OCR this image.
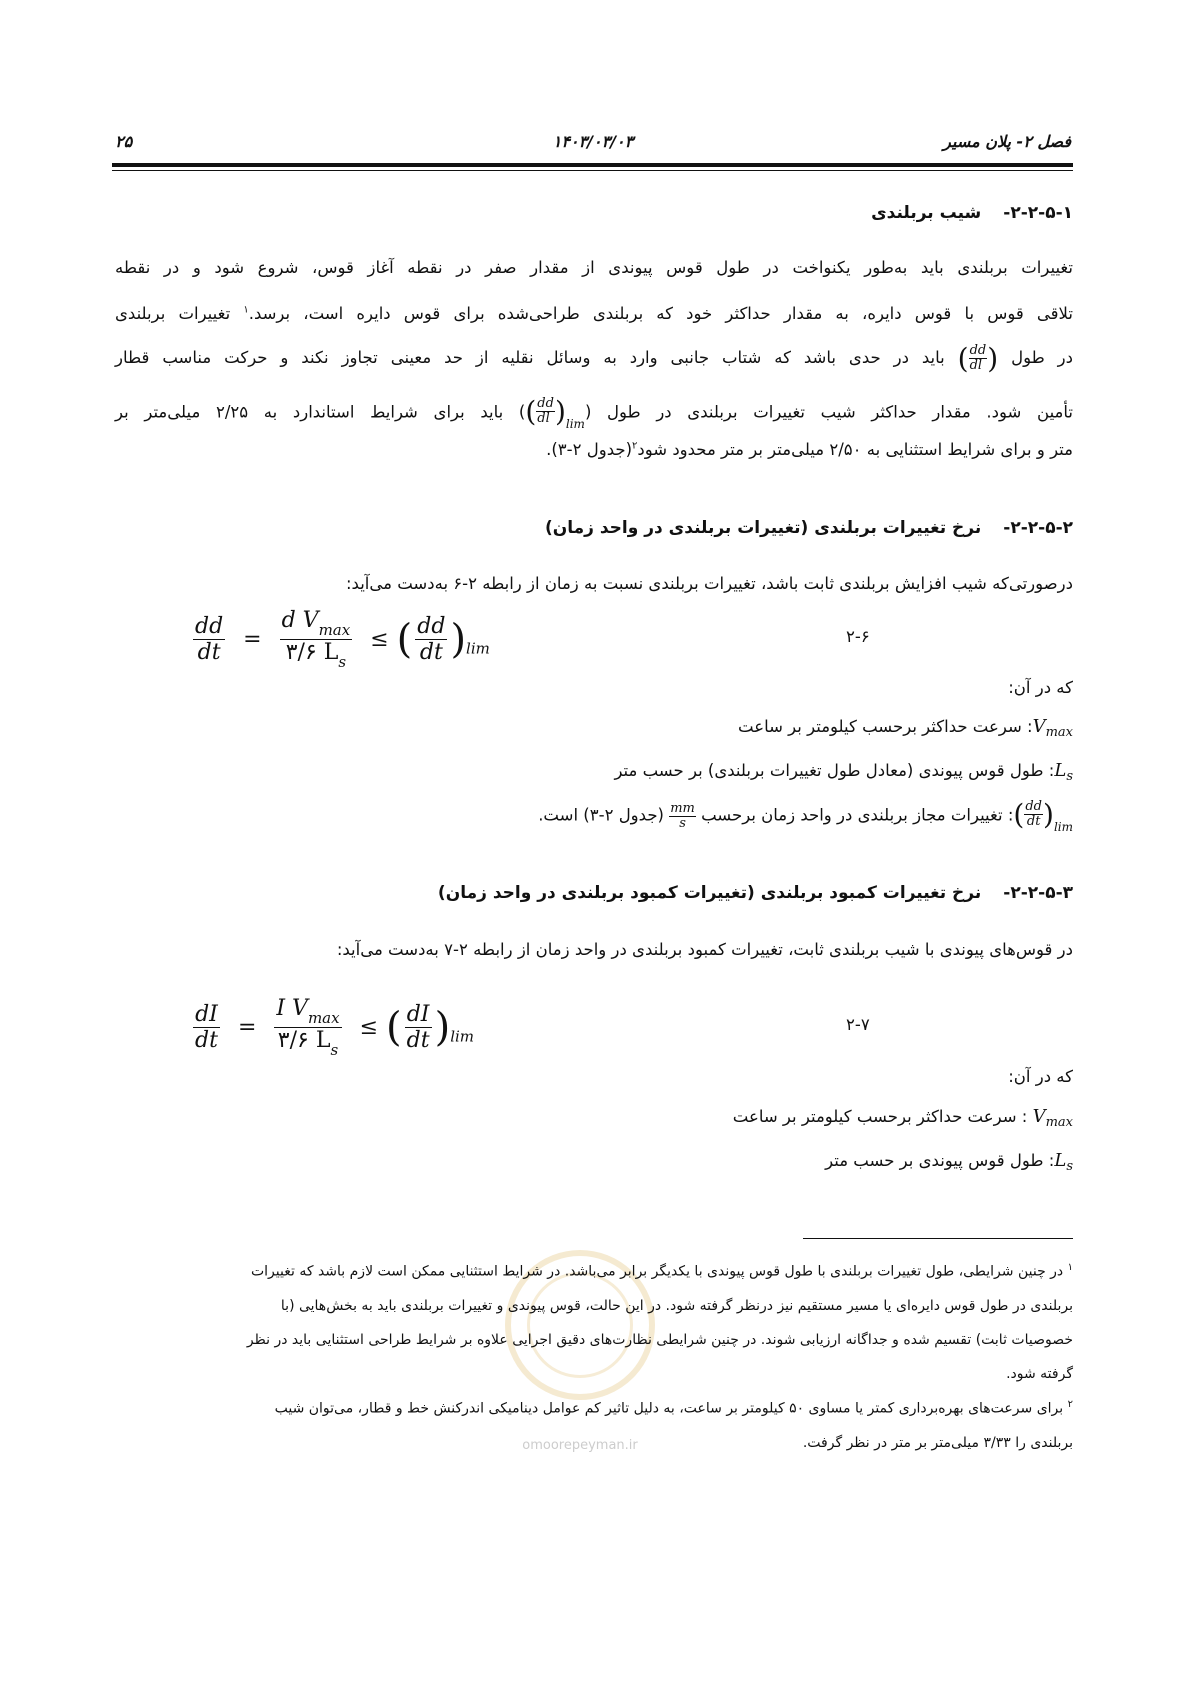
فصل ۲- پلان مسیر
۱۴۰۳/۰۳/۰۳
۲۵
۲-۲-۵-۱-شیب بربلندی
تغییرات بربلندی باید به‌طور یکنواخت در طول قوس پیوندی از مقدار صفر در نقطه آغاز قوس، شروع شود و در نقطه
تلاقی قوس با قوس دایره، به مقدار حداکثر خود که بربلندی طراحی‌شده برای قوس دایره است، برسد.$^۱$ تغییرات بربلندی
در طول ( $\frac{dd}{dl}$ ) باید در حدی باشد که شتاب جانبی وارد به وسائل نقلیه از حد معینی تجاوز نکند و حرکت مناسب قطار
تأمین شود. مقدار حداکثر شیب تغییرات بربلندی در طول (( $\frac{dd}{dl} )_{lim}$) باید برای شرایط استاندارد به ۲/۲۵ میلی‌متر بر
متر و برای شرایط استثنایی به ۲/۵۰ میلی‌متر بر متر محدود شود$^۲$(جدول ۲-۳).
۲-۲-۵-۲-نرخ تغییرات بربلندی (تغییرات بربلندی در واحد زمان)
درصورتی‌که شیب افزایش بربلندی ثابت باشد، تغییرات بربلندی نسبت به زمان از رابطه ۲-۶ به‌دست می‌آید:
$\frac{dd}{dt} = \frac{d V_{max}}{۳/۶ L_s}$ ≤ ( $\frac{dd}{dt} )_{lim}$
۲-۶
که در آن:
$V_{max}$: سرعت حداکثر برحسب کیلومتر بر ساعت
$L_s$: طول قوس پیوندی (معادل طول تغییرات بربلندی) بر حسب متر
( $\frac{dd}{dt} )_{lim}$: تغییرات مجاز بربلندی در واحد زمان برحسب
$\frac{mm}{s}$
(جدول ۲-۳) است.
۲-۲-۵-۳-نرخ تغییرات کمبود بربلندی (تغییرات کمبود بربلندی در واحد زمان)
در قوس‌های پیوندی با شیب بربلندی ثابت، تغییرات کمبود بربلندی در واحد زمان از رابطه ۲-۷ به‌دست می‌آید:
$\frac{dI}{dt} = \frac{I V_{max}}{۳/۶ L_s}$ ≤ ( $\frac{dI}{dt} )_{lim}$
۲-۷
که در آن:
$V_{max}$ : سرعت حداکثر برحسب کیلومتر بر ساعت
$L_s$: طول قوس پیوندی بر حسب متر
omoorepeyman.ir
$^۱$ در چنین شرایطی، طول تغییرات بربلندی با طول قوس پیوندی با یکدیگر برابر می‌باشد. در شرایط استثنایی ممکن است لازم باشد که تغییرات
بربلندی در طول قوس دایره‌ای یا مسیر مستقیم نیز درنظر گرفته شود. در این حالت، قوس پیوندی و تغییرات بربلندی باید به بخش‌هایی (با
خصوصیات ثابت) تقسیم شده و جداگانه ارزیابی شوند. در چنین شرایطی نظارت‌های دقیق اجرایی علاوه بر شرایط طراحی استثنایی باید در نظر
گرفته شود.
$^۲$ برای سرعت‌های بهره‌برداری کمتر یا مساوی ۵۰ کیلومتر بر ساعت، به دلیل تاثیر کم عوامل دینامیکی اندرکنش خط و قطار، می‌توان شیب
بربلندی را ۳/۳۳ میلی‌متر بر متر در نظر گرفت.
